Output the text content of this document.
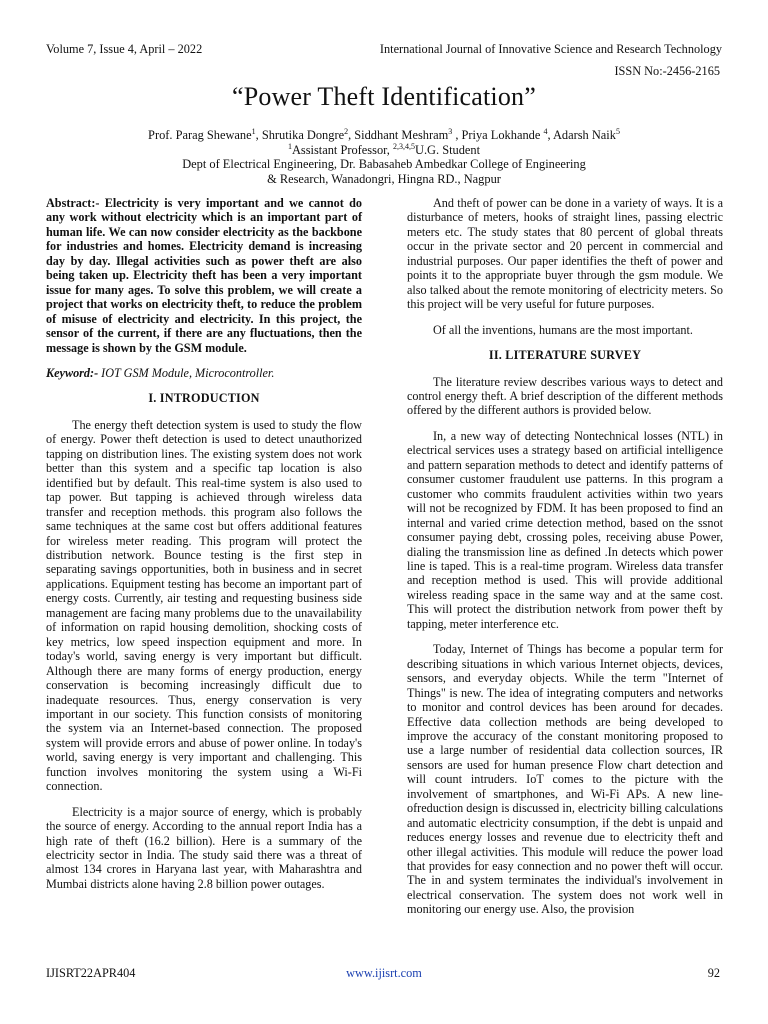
Volume 7, Issue 4, April – 2022	International Journal of Innovative Science and Research Technology
ISSN No:-2456-2165
“Power Theft Identification”
Prof. Parag Shewane$^1$, Shrutika Dongre$^2$, Siddhant Meshram$^3$ , Priya Lokhande $^4$, Adarsh Naik$^5$
$^1$Assistant Professor, $^{2,3,4,5}$U.G. Student
Dept of Electrical Engineering, Dr. Babasaheb Ambedkar College of Engineering
& Research, Wanadongri, Hingna RD., Nagpur

Abstract:- Electricity is very important and we cannot do any work without electricity which is an important part of human life. We can now consider electricity as the backbone for industries and homes. Electricity demand is increasing day by day. Illegal activities such as power theft are also being taken up. Electricity theft has been a very important issue for many ages. To solve this problem, we will create a project that works on electricity theft, to reduce the problem of misuse of electricity and electricity. In this project, the sensor of the current, if there are any fluctuations, then the message is shown by the GSM module.

Keyword:- IOT GSM Module, Microcontroller.

I. INTRODUCTION

The energy theft detection system is used to study the flow of energy. Power theft detection is used to detect unauthorized tapping on distribution lines. The existing system does not work better than this system and a specific tap location is also identified but by default. This real-time system is also used to tap power. But tapping is achieved through wireless data transfer and reception methods. this program also follows the same techniques at the same cost but offers additional features for wireless meter reading. This program will protect the distribution network. Bounce testing is the first step in separating savings opportunities, both in business and in secret applications. Equipment testing has become an important part of energy costs. Currently, air testing and requesting business side management are facing many problems due to the unavailability of information on rapid housing demolition, shocking costs of key metrics, low speed inspection equipment and more. In today's world, saving energy is very important but difficult. Although there are many forms of energy production, energy conservation is becoming increasingly difficult due to inadequate resources. Thus, energy conservation is very important in our society. This function consists of monitoring the system via an Internet-based connection. The proposed system will provide errors and abuse of power online. In today's world, saving energy is very important and challenging. This function involves monitoring the system using a Wi-Fi connection.

Electricity is a major source of energy, which is probably the source of energy. According to the annual report India has a high rate of theft (16.2 billion). Here is a summary of the electricity sector in India. The study said there was a threat of almost 134 crores in Haryana last year, with Maharashtra and Mumbai districts alone having 2.8 billion power outages.

And theft of power can be done in a variety of ways. It is a disturbance of meters, hooks of straight lines, passing electric meters etc. The study states that 80 percent of global threats occur in the private sector and 20 percent in commercial and industrial purposes. Our paper identifies the theft of power and points it to the appropriate buyer through the gsm module. We also talked about the remote monitoring of electricity meters. So this project will be very useful for future purposes.

Of all the inventions, humans are the most important.

II. LITERATURE SURVEY

The literature review describes various ways to detect and control energy theft. A brief description of the different methods offered by the different authors is provided below.

In, a new way of detecting Nontechnical losses (NTL) in electrical services uses a strategy based on artificial intelligence and pattern separation methods to detect and identify patterns of consumer customer fraudulent use patterns. In this program a customer who commits fraudulent activities within two years will not be recognized by FDM. It has been proposed to find an internal and varied crime detection method, based on the ssnot consumer paying debt, crossing poles, receiving abuse Power, dialing the transmission line as defined .In detects which power line is taped. This is a real-time program. Wireless data transfer and reception method is used. This will provide additional wireless reading space in the same way and at the same cost. This will protect the distribution network from power theft by tapping, meter interference etc.

Today, Internet of Things has become a popular term for describing situations in which various Internet objects, devices, sensors, and everyday objects. While the term "Internet of Things" is new. The idea of integrating computers and networks to monitor and control devices has been around for decades. Effective data collection methods are being developed to improve the accuracy of the constant monitoring proposed to use a large number of residential data collection sources, IR sensors are used for human presence Flow chart detection and will count intruders. IoT comes to the picture with the involvement of smartphones, and Wi-Fi APs. A new line-ofreduction design is discussed in, electricity billing calculations and automatic electricity consumption, if the debt is unpaid and reduces energy losses and revenue due to electricity theft and other illegal activities. This module will reduce the power load that provides for easy connection and no power theft will occur. The in and system terminates the individual's involvement in electrical conservation. The system does not work well in monitoring our energy use. Also, the provision

IJISRT22APR404	www.ijisrt.com	92
